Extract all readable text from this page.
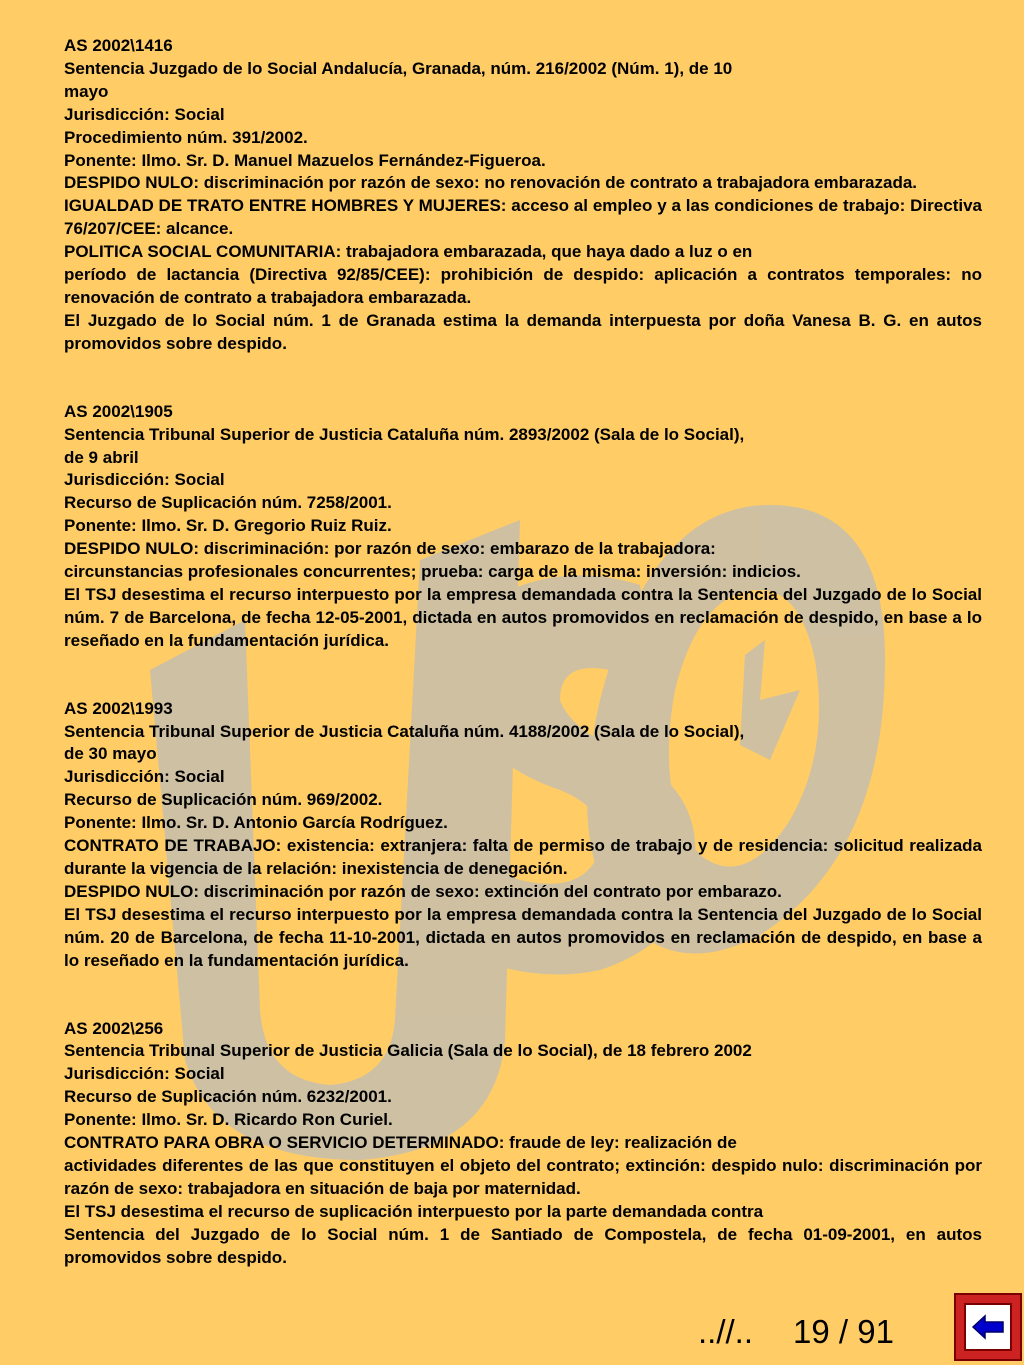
AS 2002\1416

Sentencia Juzgado de lo Social Andalucía, Granada, núm. 216/2002 (Núm. 1), de 10

mayo

Jurisdicción: Social

Procedimiento núm. 391/2002.

Ponente: Ilmo. Sr. D. Manuel Mazuelos Fernández-Figueroa.

DESPIDO NULO: discriminación por razón de sexo: no renovación de contrato a trabajadora embarazada.

IGUALDAD DE TRATO ENTRE HOMBRES Y MUJERES: acceso al empleo y a las condiciones de trabajo: Directiva 76/207/CEE: alcance.

POLITICA SOCIAL COMUNITARIA: trabajadora embarazada, que haya dado a luz o en

período de lactancia (Directiva 92/85/CEE): prohibición de despido: aplicación a contratos temporales: no renovación de contrato a trabajadora embarazada.

El Juzgado de lo Social núm. 1 de Granada estima la demanda interpuesta por doña Vanesa B. G. en autos promovidos sobre despido.

AS 2002\1905

Sentencia Tribunal Superior de Justicia Cataluña núm. 2893/2002 (Sala de lo Social),

de 9 abril

Jurisdicción: Social

Recurso de Suplicación núm. 7258/2001.

Ponente: Ilmo. Sr. D. Gregorio Ruiz Ruiz.

DESPIDO NULO: discriminación: por razón de sexo: embarazo de la trabajadora:

circunstancias profesionales concurrentes; prueba: carga de la misma: inversión: indicios.

El TSJ desestima el recurso interpuesto por la empresa demandada contra la Sentencia del Juzgado de lo Social núm. 7 de Barcelona, de fecha 12-05-2001, dictada en autos promovidos en reclamación de despido, en base a lo reseñado en la fundamentación jurídica.

AS 2002\1993

Sentencia Tribunal Superior de Justicia Cataluña núm. 4188/2002 (Sala de lo Social),

de 30 mayo

Jurisdicción: Social

Recurso de Suplicación núm. 969/2002.

Ponente: Ilmo. Sr. D. Antonio García Rodríguez.

CONTRATO DE TRABAJO: existencia: extranjera: falta de permiso de trabajo y de residencia: solicitud realizada durante la vigencia de la relación: inexistencia de denegación.

DESPIDO NULO: discriminación por razón de sexo: extinción del contrato por embarazo.

El TSJ desestima el recurso interpuesto por la empresa demandada contra la Sentencia del Juzgado de lo Social núm. 20 de Barcelona, de fecha 11-10-2001, dictada en autos promovidos en reclamación de despido, en base a lo reseñado en la fundamentación jurídica.

AS 2002\256

Sentencia Tribunal Superior de Justicia Galicia (Sala de lo Social), de 18 febrero 2002

Jurisdicción: Social

Recurso de Suplicación núm. 6232/2001.

Ponente: Ilmo. Sr. D. Ricardo Ron Curiel.

CONTRATO PARA OBRA O SERVICIO DETERMINADO: fraude de ley: realización de

actividades diferentes de las que constituyen el objeto del contrato; extinción: despido nulo: discriminación por razón de sexo: trabajadora en situación de baja por maternidad.

El TSJ desestima el recurso de suplicación interpuesto por la parte demandada contra

Sentencia del Juzgado de lo Social núm. 1 de Santiado de Compostela, de fecha 01-09-2001, en autos promovidos sobre despido.

..//.. 19 / 91
